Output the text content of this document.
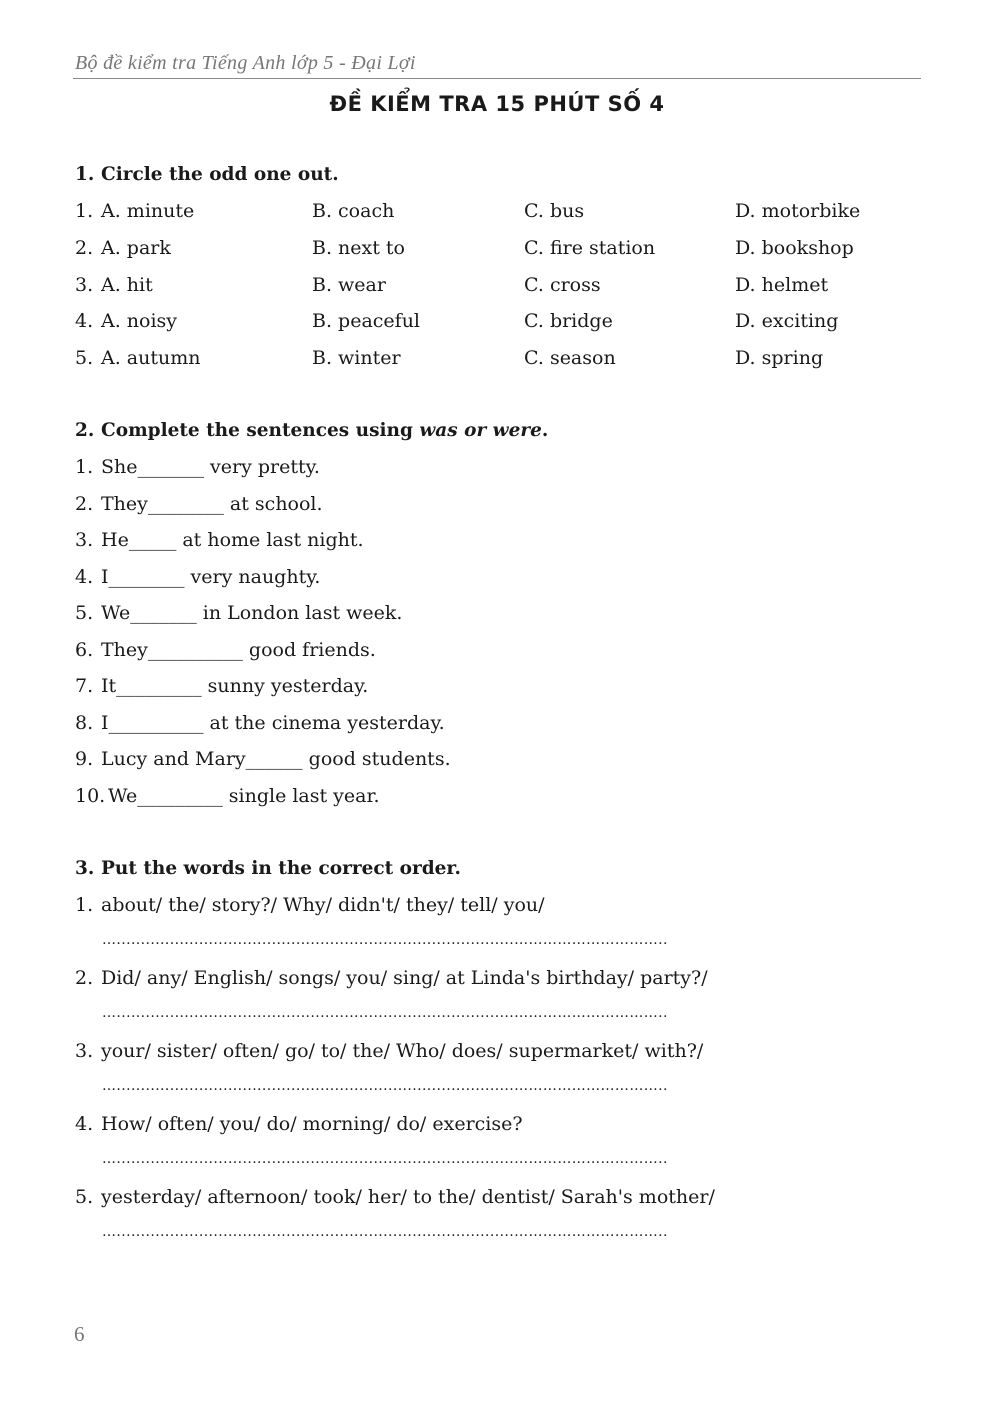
Bộ đề kiểm tra Tiếng Anh lớp 5 - Đại Lợi
ĐỀ KIỂM TRA 15 PHÚT SỐ 4
1. Circle the odd one out.
1. A. minute	B. coach	C. bus	D. motorbike
2. A. park	B. next to	C. fire station	D. bookshop
3. A. hit	B. wear	C. cross	D. helmet
4. A. noisy	B. peaceful	C. bridge	D. exciting
5. A. autumn	B. winter	C. season	D. spring
2. Complete the sentences using was or were.
1. She_______ very pretty.
2. They________ at school.
3. He_____ at home last night.
4. I________ very naughty.
5. We_______ in London last week.
6. They__________ good friends.
7. It_________ sunny yesterday.
8. I__________ at the cinema yesterday.
9. Lucy and Mary______ good students.
10. We_________ single last year.
3. Put the words in the correct order.
1. about/ the/ story?/ Why/ didn't/ they/ tell/ you/
…..................................................................................…………………………..
2. Did/ any/ English/ songs/ you/ sing/ at Linda's birthday/ party?/
…..................................................................................…………………………..
3. your/ sister/ often/ go/ to/ the/ Who/ does/ supermarket/ with?/
…..................................................................................…………………………..
4. How/ often/ you/ do/ morning/ do/ exercise?
…..................................................................................…………………………..
5. yesterday/ afternoon/ took/ her/ to the/ dentist/ Sarah's mother/
…..................................................................................…………………………..
6
